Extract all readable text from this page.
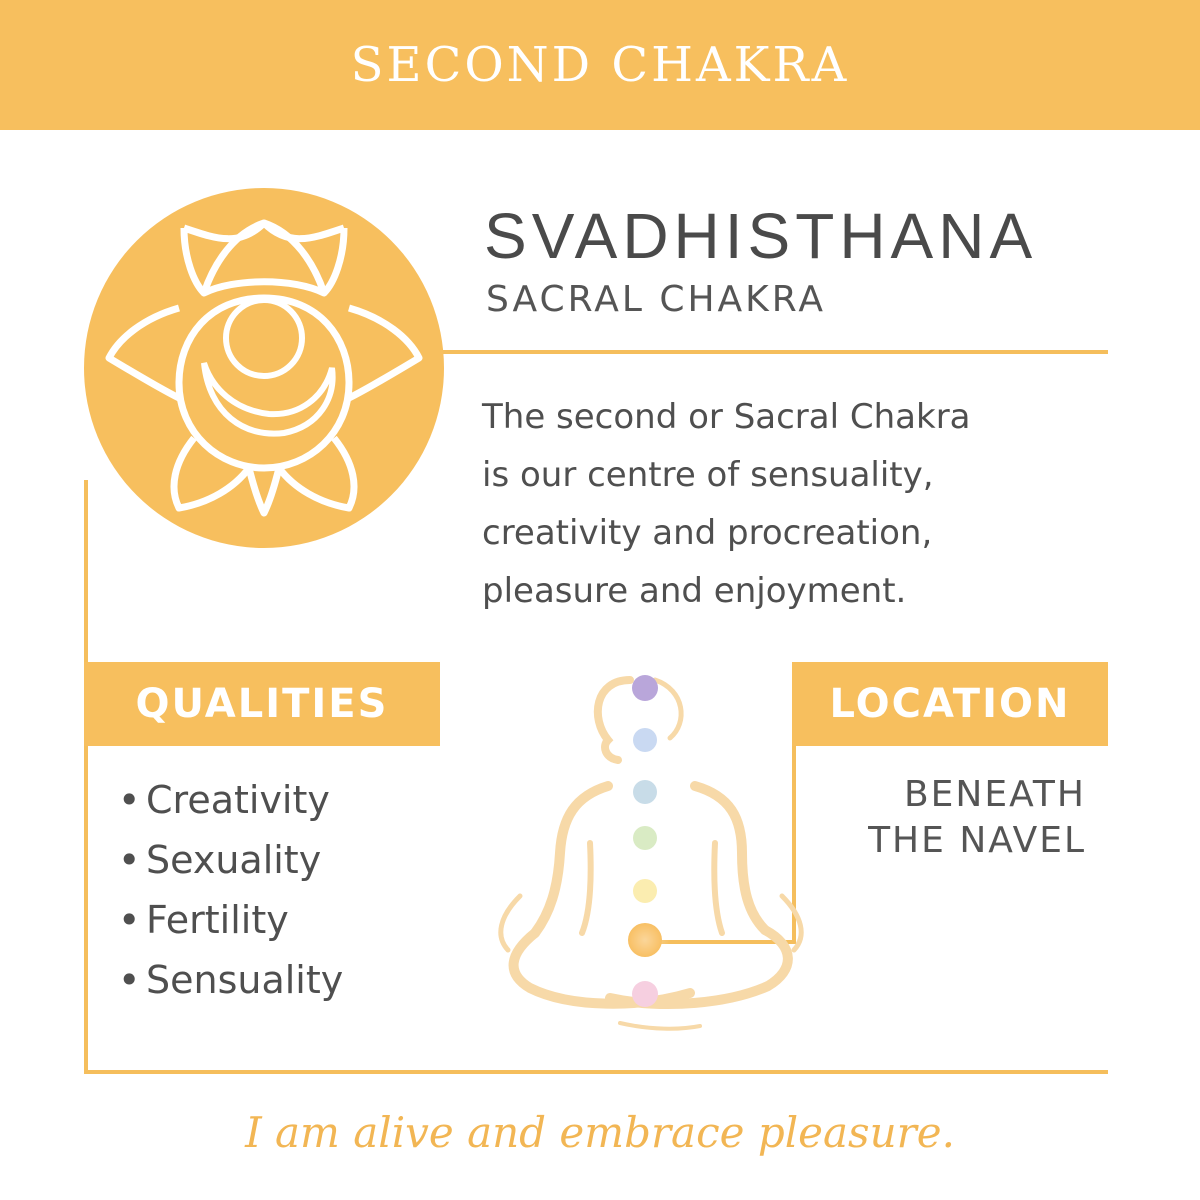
SECOND CHAKRA
SVADHISTHANA
SACRAL CHAKRA
The second or Sacral Chakra
is our centre of sensuality,
creativity and procreation,
pleasure and enjoyment.
QUALITIES
• Creativity
• Sexuality
• Fertility
• Sensuality
LOCATION
BENEATH
THE NAVEL
I am alive and embrace pleasure.
